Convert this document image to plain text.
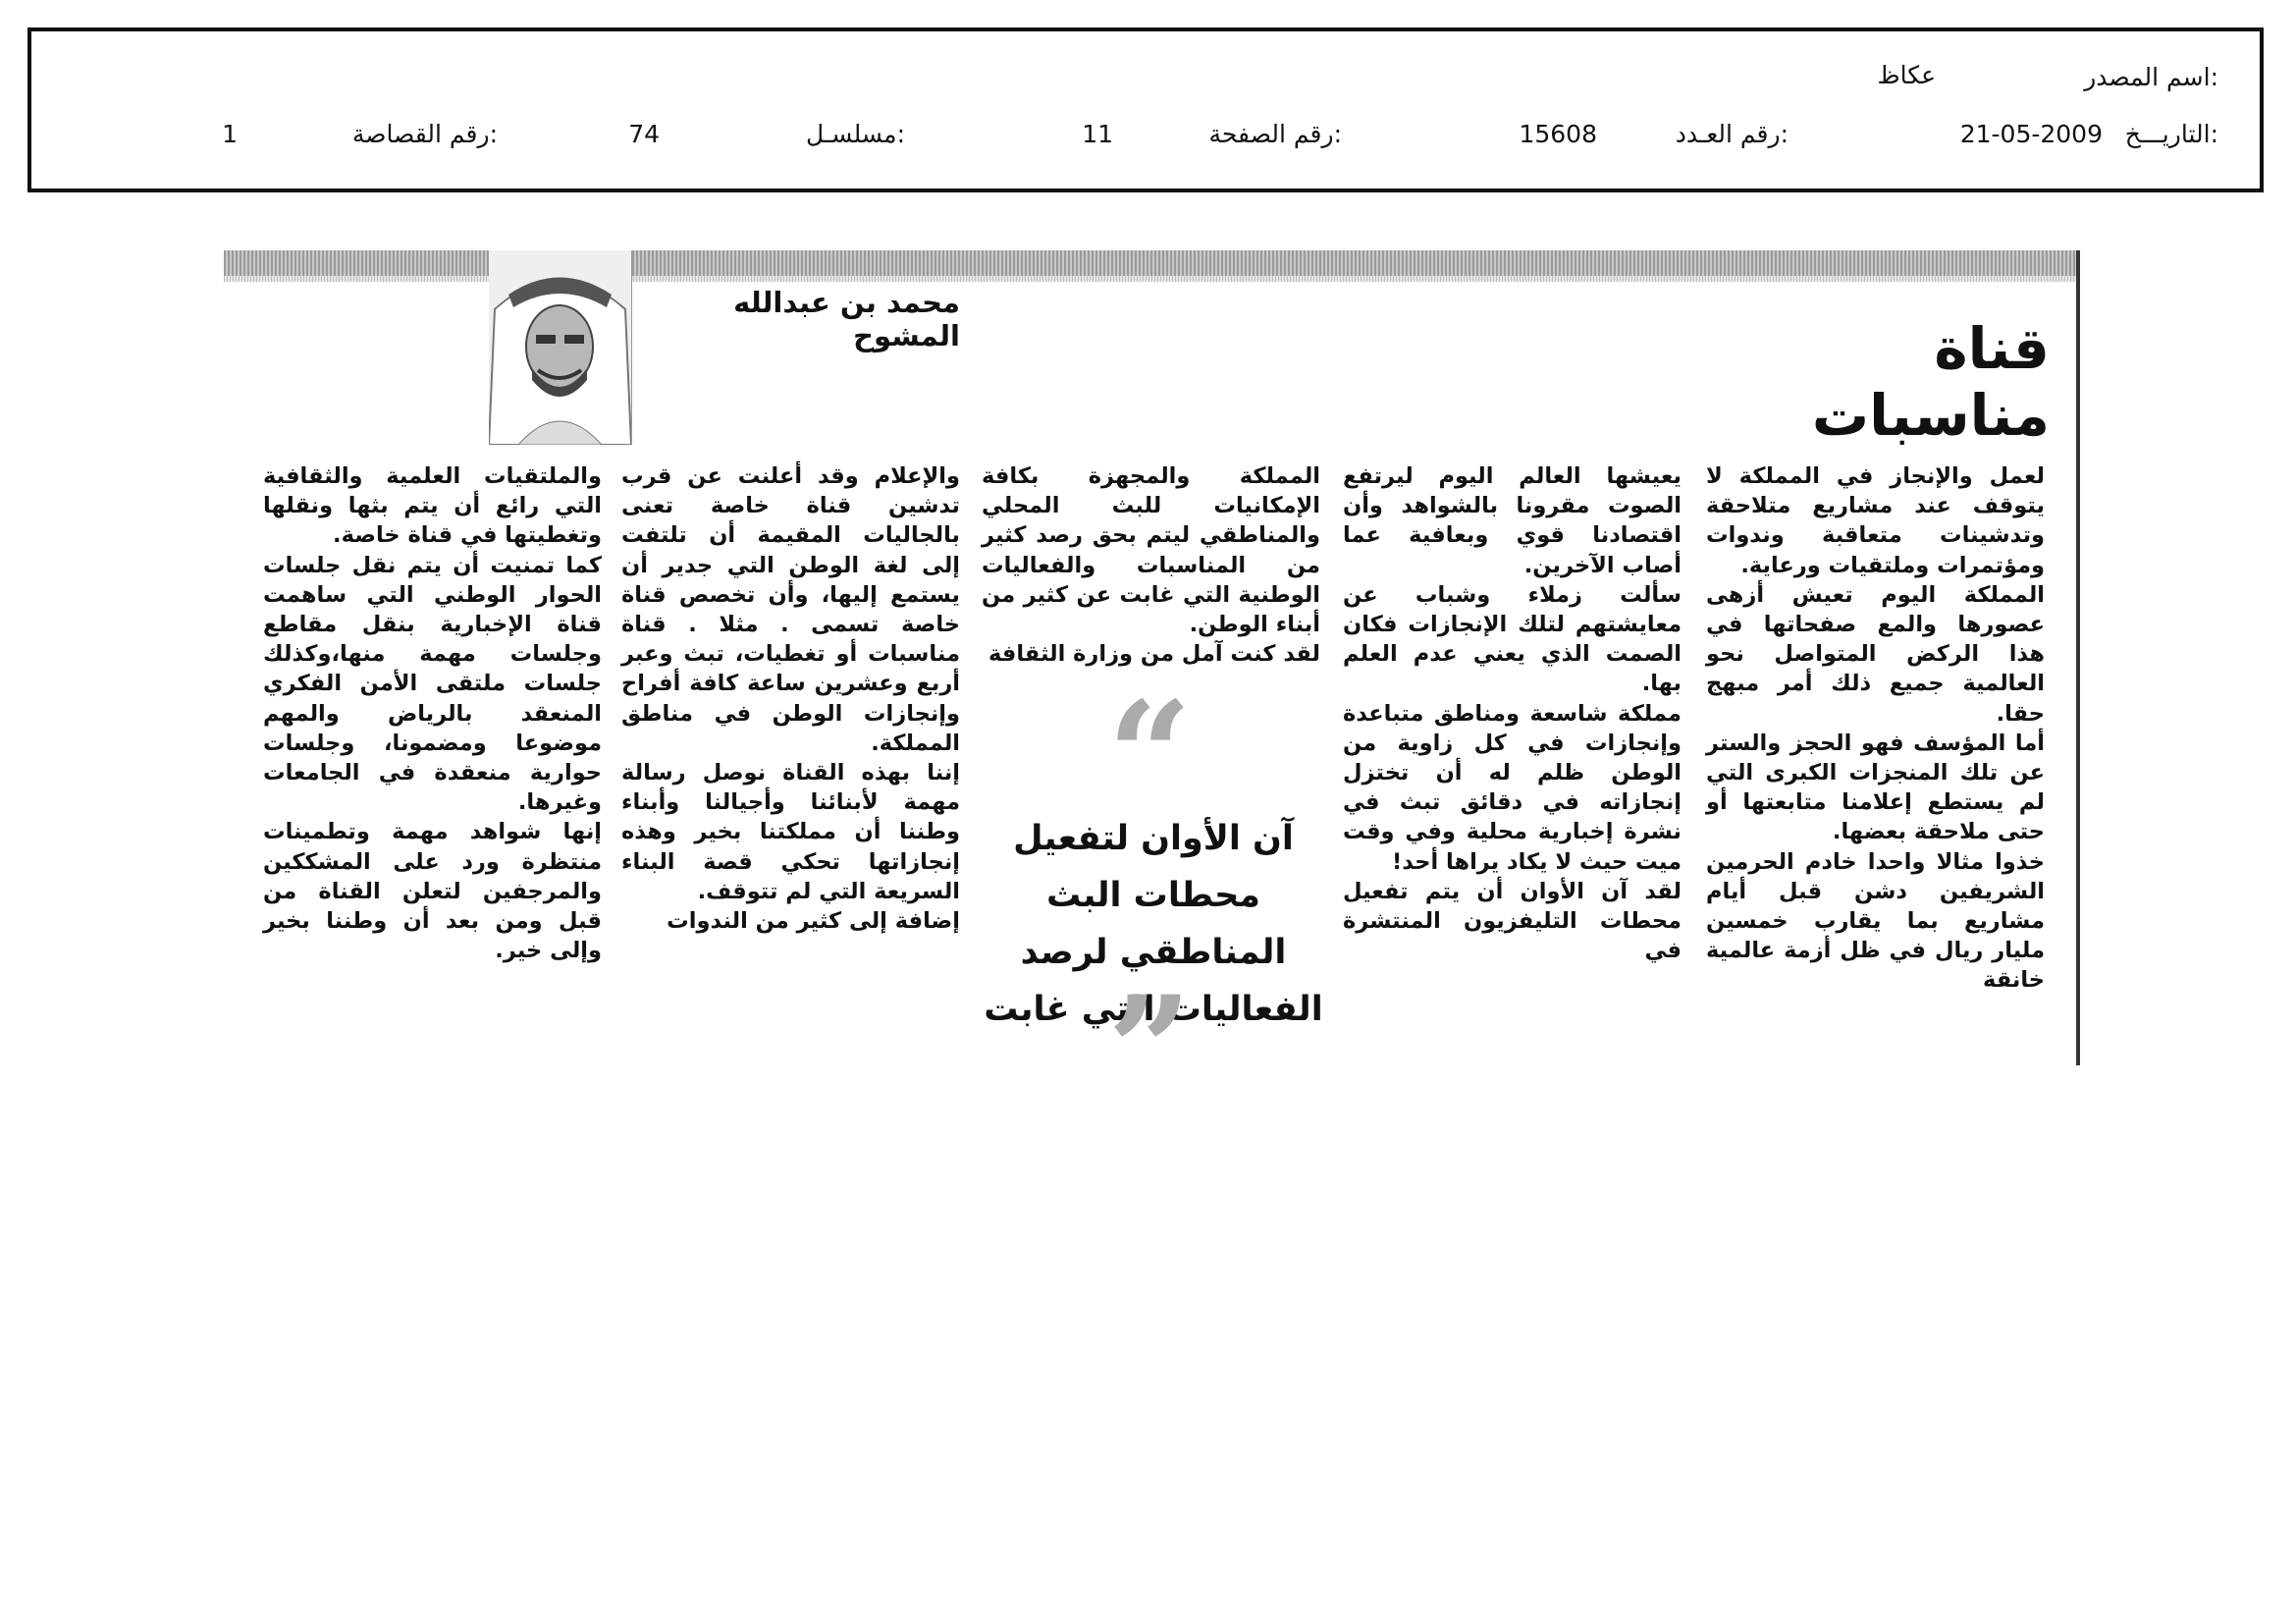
اسم المصدر:
عكاظ
التاريـــخ:
21-05-2009
رقم العـدد:
15608
رقم الصفحة:
11
مسلسـل:
74
رقم القصاصة:
1
محمد بن عبدالله المشوح	قناة مناسبات

لعمل والإنجاز في المملكة لا يتوقف عند مشاريع متلاحقة وتدشينات متعاقبة وندوات ومؤتمرات وملتقيات ورعاية.

المملكة اليوم تعيش أزهى عصورها والمع صفحاتها في هذا الركض المتواصل نحو العالمية جميع ذلك أمر مبهج حقا.

أما المؤسف فهو الحجز والستر عن تلك المنجزات الكبرى التي لم يستطع إعلامنا متابعتها أو حتى ملاحقة بعضها.

خذوا مثالا واحدا خادم الحرمين الشريفين دشن قبل أيام مشاريع بما يقارب خمسين مليار ريال في ظل أزمة عالمية خانقة

يعيشها العالم اليوم ليرتفع الصوت مقرونا بالشواهد وأن اقتصادنا قوي وبعافية عما أصاب الآخرين.

سألت زملاء وشباب عن معايشتهم لتلك الإنجازات فكان الصمت الذي يعني عدم العلم بها.

مملكة شاسعة ومناطق متباعدة وإنجازات في كل زاوية من الوطن ظلم له أن تختزل إنجازاته في دقائق تبث في نشرة إخبارية محلية وفي وقت ميت حيث لا يكاد يراها أحد!

لقد آن الأوان أن يتم تفعيل محطات التليفزيون المنتشرة في

المملكة والمجهزة بكافة الإمكانيات للبث المحلي والمناطقي ليتم بحق رصد كثير من المناسبات والفعاليات الوطنية التي غابت عن كثير من أبناء الوطن.

لقد كنت آمل من وزارة الثقافة

“
آن الأوان لتفعيل محطات البث المناطقي لرصد الفعاليات التي غابت
”

والإعلام وقد أعلنت عن قرب تدشين قناة خاصة تعنى بالجاليات المقيمة أن تلتفت إلى لغة الوطن التي جدير أن يستمع إليها، وأن تخصص قناة خاصة تسمى . مثلا . قناة مناسبات أو تغطيات، تبث وعبر أربع وعشرين ساعة كافة أفراح وإنجازات الوطن في مناطق المملكة.

إننا بهذه القناة نوصل رسالة مهمة لأبنائنا وأجيالنا وأبناء وطننا أن مملكتنا بخير وهذه إنجازاتها تحكي قصة البناء السريعة التي لم تتوقف.

إضافة إلى كثير من الندوات

والملتقيات العلمية والثقافية التي رائع أن يتم بثها ونقلها وتغطيتها في قناة خاصة.

كما تمنيت أن يتم نقل جلسات الحوار الوطني التي ساهمت قناة الإخبارية بنقل مقاطع وجلسات مهمة منها،وكذلك جلسات ملتقى الأمن الفكري المنعقد بالرياض والمهم موضوعا ومضمونا، وجلسات حوارية منعقدة في الجامعات وغيرها.

إنها شواهد مهمة وتطمينات منتظرة ورد على المشككين والمرجفين لتعلن القناة من قبل ومن بعد أن وطننا بخير وإلى خير.
